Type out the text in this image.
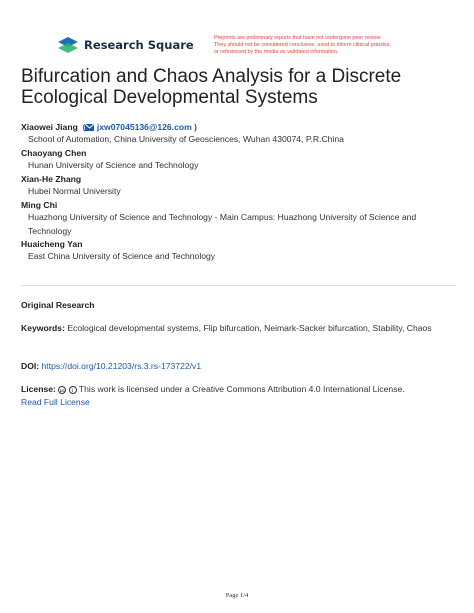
Research Square	Preprints are preliminary reports that have not undergone peer review.
They should not be considered conclusive, used to inform clinical practice,
or referenced by the media as validated information.
Bifurcation and Chaos Analysis for a Discrete
Ecological Developmental Systems
Xiaowei Jiang  ( jxw07045136@126.com )
School of Automation, China University of Geosciences, Wuhan 430074, P.R.China
Chaoyang Chen
Hunan University of Science and Technology
Xian-He Zhang
Hubei Normal University
Ming Chi
Huazhong University of Science and Technology - Main Campus: Huazhong University of Science and Technology
Huaicheng Yan
East China University of Science and Technology
Original Research
Keywords: Ecological developmental systems, Flip bifurcation, Neimark-Sacker bifurcation, Stability, Chaos
DOI: https://doi.org/10.21203/rs.3.rs-173722/v1
License: cc i This work is licensed under a Creative Commons Attribution 4.0 International License.
Read Full License
Page 1/4
